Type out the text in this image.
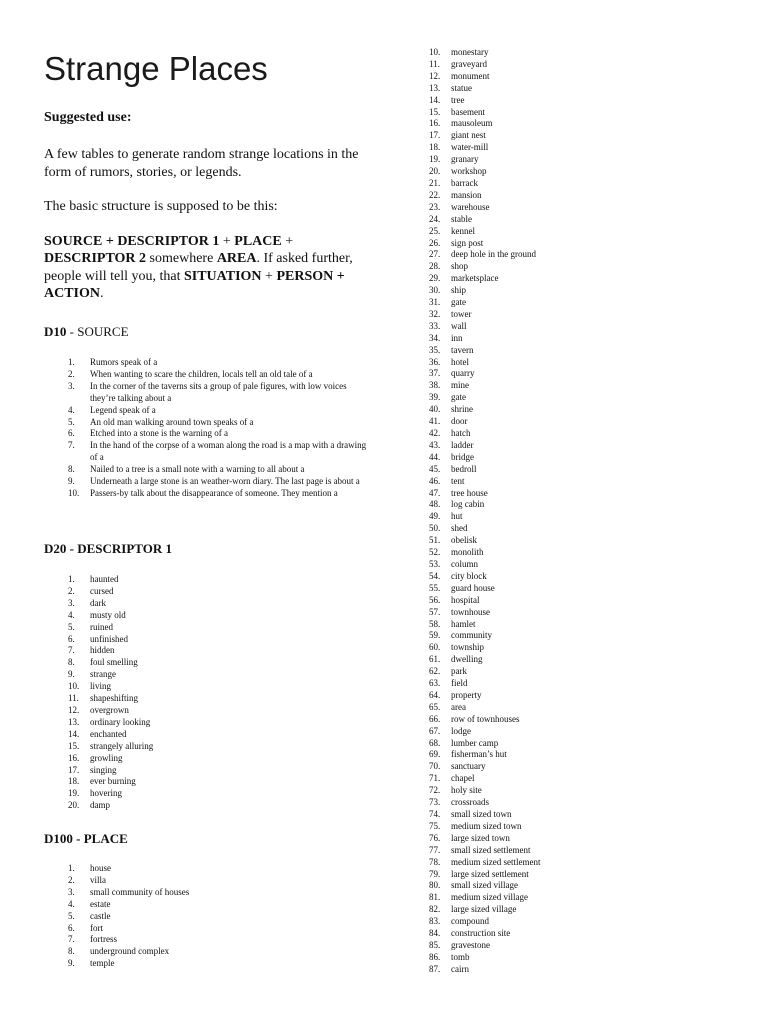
Strange Places
Suggested use:

A few tables to generate random strange locations in the form of rumors, stories, or legends.

The basic structure is supposed to be this:

SOURCE + DESCRIPTOR 1 + PLACE + DESCRIPTOR 2 somewhere AREA. If asked further, people will tell you, that SITUATION + PERSON + ACTION.

D10 - SOURCE
1.	Rumors speak of a
2.	When wanting to scare the children, locals tell an old tale of a
3.	In the corner of the taverns sits a group of pale figures, with low voices they’re talking about a
4.	Legend speak of a
5.	An old man walking around town speaks of a
6.	Etched into a stone is the warning of a
7.	In the hand of the corpse of a woman along the road is a map with a drawing of a
8.	Nailed to a tree is a small note with a warning to all about a
9.	Underneath a large stone is an weather-worn diary. The last page is about a
10.	Passers-by talk about the disappearance of someone. They mention a
D20 - DESCRIPTOR 1
1.	haunted
2.	cursed
3.	dark
4.	musty old
5.	ruined
6.	unfinished
7.	hidden
8.	foul smelling
9.	strange
10.	living
11.	shapeshifting
12.	overgrown
13.	ordinary looking
14.	enchanted
15.	strangely alluring
16.	growling
17.	singing
18.	ever burning
19.	hovering
20.	damp
D100 - PLACE
1.	house
2.	villa
3.	small community of houses
4.	estate
5.	castle
6.	fort
7.	fortress
8.	underground complex
9.	temple
10.	monestary
11.	graveyard
12.	monument
13.	statue
14.	tree
15.	basement
16.	mausoleum
17.	giant nest
18.	water-mill
19.	granary
20.	workshop
21.	barrack
22.	mansion
23.	warehouse
24.	stable
25.	kennel
26.	sign post
27.	deep hole in the ground
28.	shop
29.	marketsplace
30.	ship
31.	gate
32.	tower
33.	wall
34.	inn
35.	tavern
36.	hotel
37.	quarry
38.	mine
39.	gate
40.	shrine
41.	door
42.	hatch
43.	ladder
44.	bridge
45.	bedroll
46.	tent
47.	tree house
48.	log cabin
49.	hut
50.	shed
51.	obelisk
52.	monolith
53.	column
54.	city block
55.	guard house
56.	hospital
57.	townhouse
58.	hamlet
59.	community
60.	township
61.	dwelling
62.	park
63.	field
64.	property
65.	area
66.	row of townhouses
67.	lodge
68.	lumber camp
69.	fisherman’s hut
70.	sanctuary
71.	chapel
72.	holy site
73.	crossroads
74.	small sized town
75.	medium sized town
76.	large sized town
77.	small sized settlement
78.	medium sized settlement
79.	large sized settlement
80.	small sized village
81.	medium sized village
82.	large sized village
83.	compound
84.	construction site
85.	gravestone
86.	tomb
87.	cairn
